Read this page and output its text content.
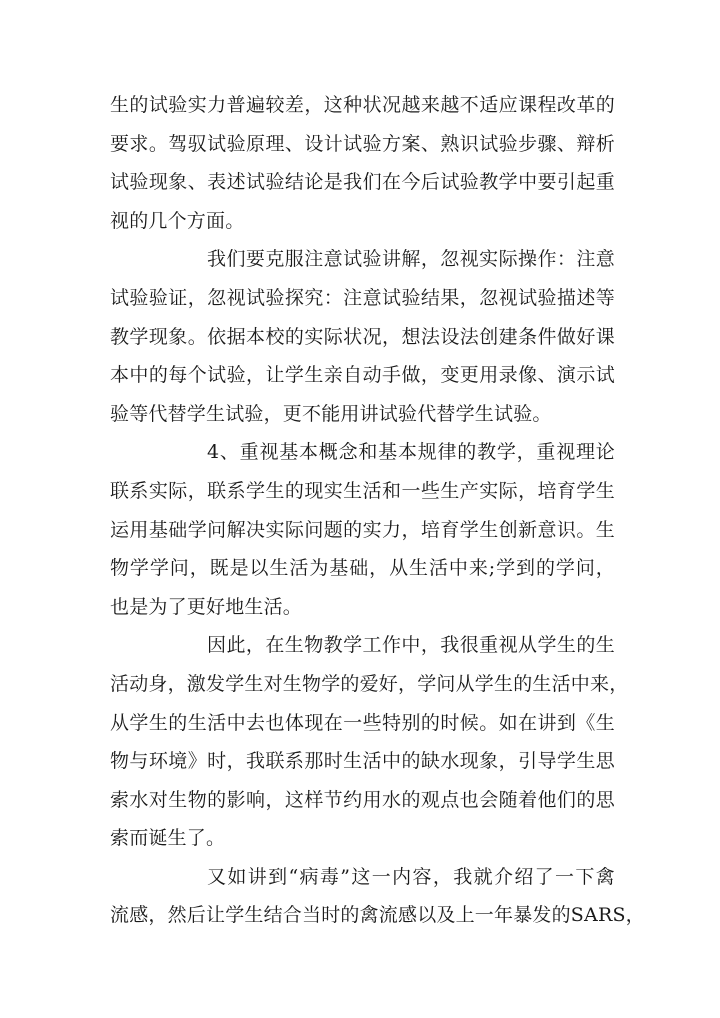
生的试验实力普遍较差，这种状况越来越不适应课程改革的
要求。驾驭试验原理、设计试验方案、熟识试验步骤、辩析
试验现象、表述试验结论是我们在今后试验教学中要引起重
视的几个方面。
我们要克服注意试验讲解，忽视实际操作：注意
试验验证，忽视试验探究：注意试验结果，忽视试验描述等
教学现象。依据本校的实际状况，想法设法创建条件做好课
本中的每个试验，让学生亲自动手做，变更用录像、演示试
验等代替学生试验，更不能用讲试验代替学生试验。
4、重视基本概念和基本规律的教学，重视理论
联系实际，联系学生的现实生活和一些生产实际，培育学生
运用基础学问解决实际问题的实力，培育学生创新意识。生
物学学问，既是以生活为基础，从生活中来;学到的学问，
也是为了更好地生活。
因此，在生物教学工作中，我很重视从学生的生
活动身，激发学生对生物学的爱好，学问从学生的生活中来，
从学生的生活中去也体现在一些特别的时候。如在讲到《生
物与环境》时，我联系那时生活中的缺水现象，引导学生思
索水对生物的影响，这样节约用水的观点也会随着他们的思
索而诞生了。
又如讲到“病毒”这一内容，我就介绍了一下禽
流感，然后让学生结合当时的禽流感以及上一年暴发的SARS，
